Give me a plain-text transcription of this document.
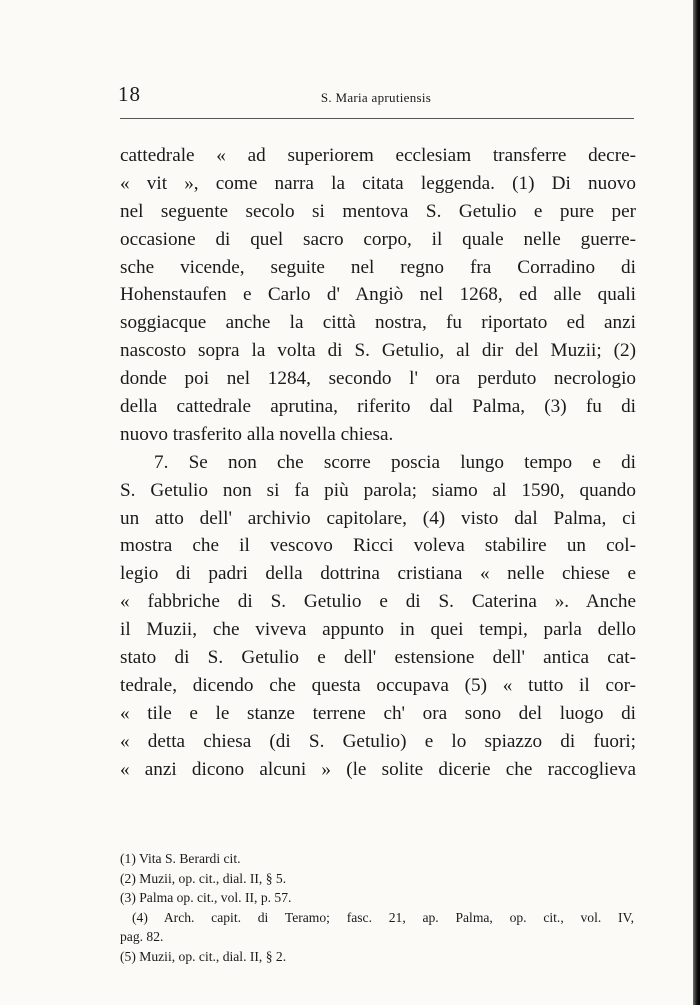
18	S. Maria aprutiensis
cattedrale « ad superiorem ecclesiam transferre decre-
« vit », come narra la citata leggenda. (1) Di nuovo
nel seguente secolo si mentova S. Getulio e pure per
occasione di quel sacro corpo, il quale nelle guerre-
sche vicende, seguite nel regno fra Corradino di
Hohenstaufen e Carlo d' Angiò nel 1268, ed alle quali
soggiacque anche la città nostra, fu riportato ed anzi
nascosto sopra la volta di S. Getulio, al dir del Muzii; (2)
donde poi nel 1284, secondo l' ora perduto necrologio
della cattedrale aprutina, riferito dal Palma, (3) fu di
nuovo trasferito alla novella chiesa.
7. Se non che scorre poscia lungo tempo e di
S. Getulio non si fa più parola; siamo al 1590, quando
un atto dell' archivio capitolare, (4) visto dal Palma, ci
mostra che il vescovo Ricci voleva stabilire un col-
legio di padri della dottrina cristiana « nelle chiese e
« fabbriche di S. Getulio e di S. Caterina ». Anche
il Muzii, che viveva appunto in quei tempi, parla dello
stato di S. Getulio e dell' estensione dell' antica cat-
tedrale, dicendo che questa occupava (5) « tutto il cor-
« tile e le stanze terrene ch' ora sono del luogo di
« detta chiesa (di S. Getulio) e lo spiazzo di fuori;
« anzi dicono alcuni » (le solite dicerie che raccoglieva
(1) Vita S. Berardi cit.
(2) Muzii, op. cit., dial. II, § 5.
(3) Palma op. cit., vol. II, p. 57.
(4) Arch. capit. di Teramo; fasc. 21, ap. Palma, op. cit., vol. IV,
pag. 82.
(5) Muzii, op. cit., dial. II, § 2.
